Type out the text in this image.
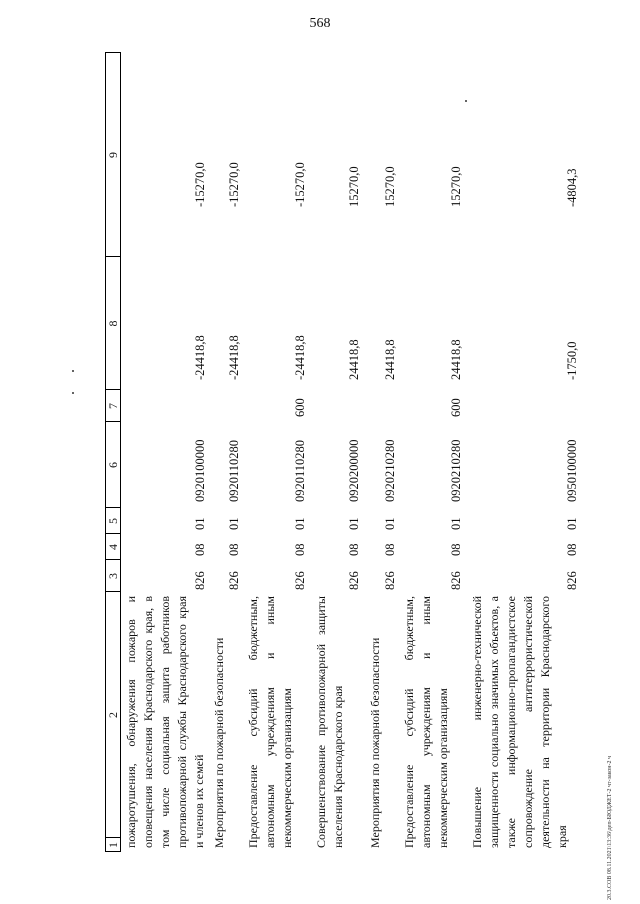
568
20.3.СОВ 08.11.2021\13:36\деп-БЮДЖЕТ-2 чт-закон-2 ч
1
2
3
4
5
6
7
8
9
пожаротушения, обнаружения пожаров и оповещения населения Краснодарского края, в том числе социальная защита работников противопожарной службы Краснодарского края и членов их семей
826
08
01
0920100000
-24418,8
-15270,0
Мероприятия по пожарной безопасности
826
08
01
0920110280
-24418,8
-15270,0
Предоставление субсидий бюджетным, автономным учреждениям и иным некоммерческим организациям
826
08
01
0920110280
600
-24418,8
-15270,0
Совершенствование противопожарной защиты населения Краснодарского края
826
08
01
0920200000
24418,8
15270,0
Мероприятия по пожарной безопасности
826
08
01
0920210280
24418,8
15270,0
Предоставление субсидий бюджетным, автономным учреждениям и иным некоммерческим организациям
826
08
01
0920210280
600
24418,8
15270,0
Повышение инженерно-технической защищенности социально значимых объектов, а также информационно-пропагандистское сопровождение антитеррористической деятельности на территории Краснодарского края
826
08
01
0950100000
-1750,0
-4804,3
